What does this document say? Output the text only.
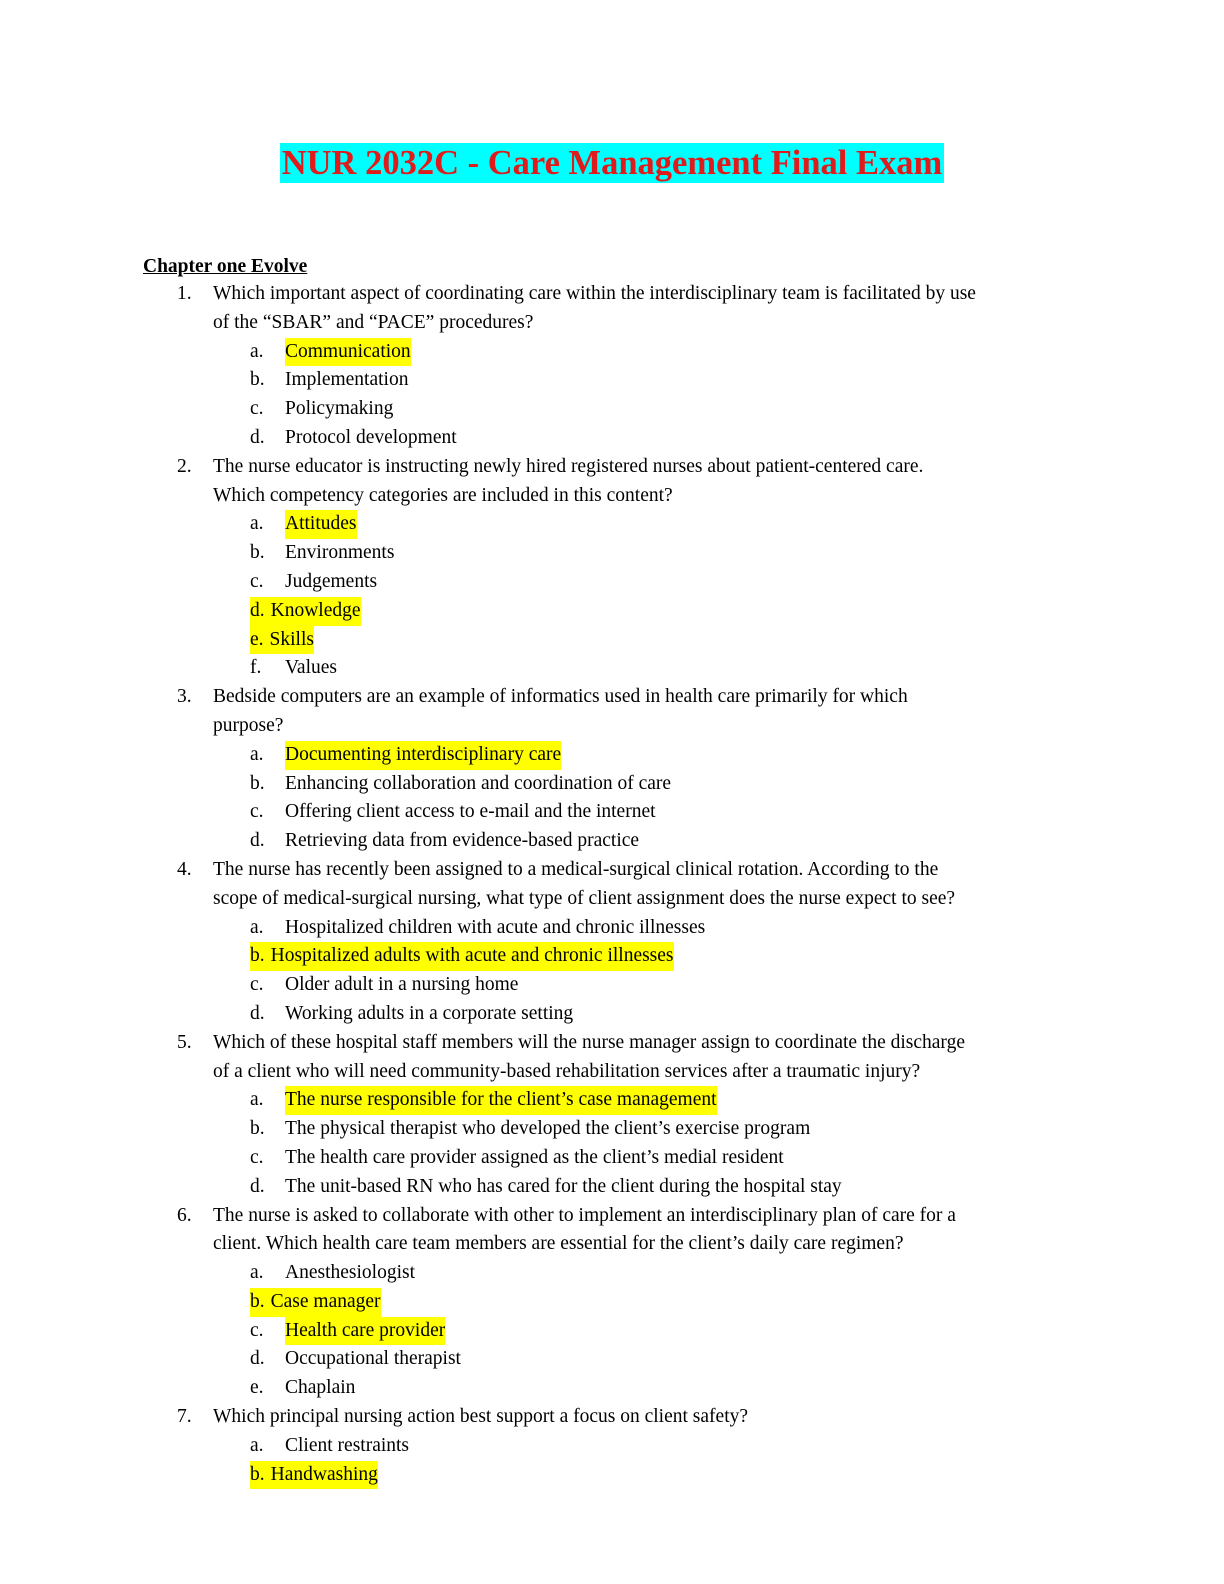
NUR 2032C - Care Management Final Exam
Chapter one Evolve
1. Which important aspect of coordinating care within the interdisciplinary team is facilitated by use
of the “SBAR” and “PACE” procedures?
a. Communication
b. Implementation
c. Policymaking
d. Protocol development
2. The nurse educator is instructing newly hired registered nurses about patient-centered care.
Which competency categories are included in this content?
a. Attitudes
b. Environments
c. Judgements
d. Knowledge
e. Skills
f. Values
3. Bedside computers are an example of informatics used in health care primarily for which
purpose?
a. Documenting interdisciplinary care
b. Enhancing collaboration and coordination of care
c. Offering client access to e-mail and the internet
d. Retrieving data from evidence-based practice
4. The nurse has recently been assigned to a medical-surgical clinical rotation. According to the
scope of medical-surgical nursing, what type of client assignment does the nurse expect to see?
a. Hospitalized children with acute and chronic illnesses
b. Hospitalized adults with acute and chronic illnesses
c. Older adult in a nursing home
d. Working adults in a corporate setting
5. Which of these hospital staff members will the nurse manager assign to coordinate the discharge
of a client who will need community-based rehabilitation services after a traumatic injury?
a. The nurse responsible for the client’s case management
b. The physical therapist who developed the client’s exercise program
c. The health care provider assigned as the client’s medial resident
d. The unit-based RN who has cared for the client during the hospital stay
6. The nurse is asked to collaborate with other to implement an interdisciplinary plan of care for a
client. Which health care team members are essential for the client’s daily care regimen?
a. Anesthesiologist
b. Case manager
c. Health care provider
d. Occupational therapist
e. Chaplain
7. Which principal nursing action best support a focus on client safety?
a. Client restraints
b. Handwashing
